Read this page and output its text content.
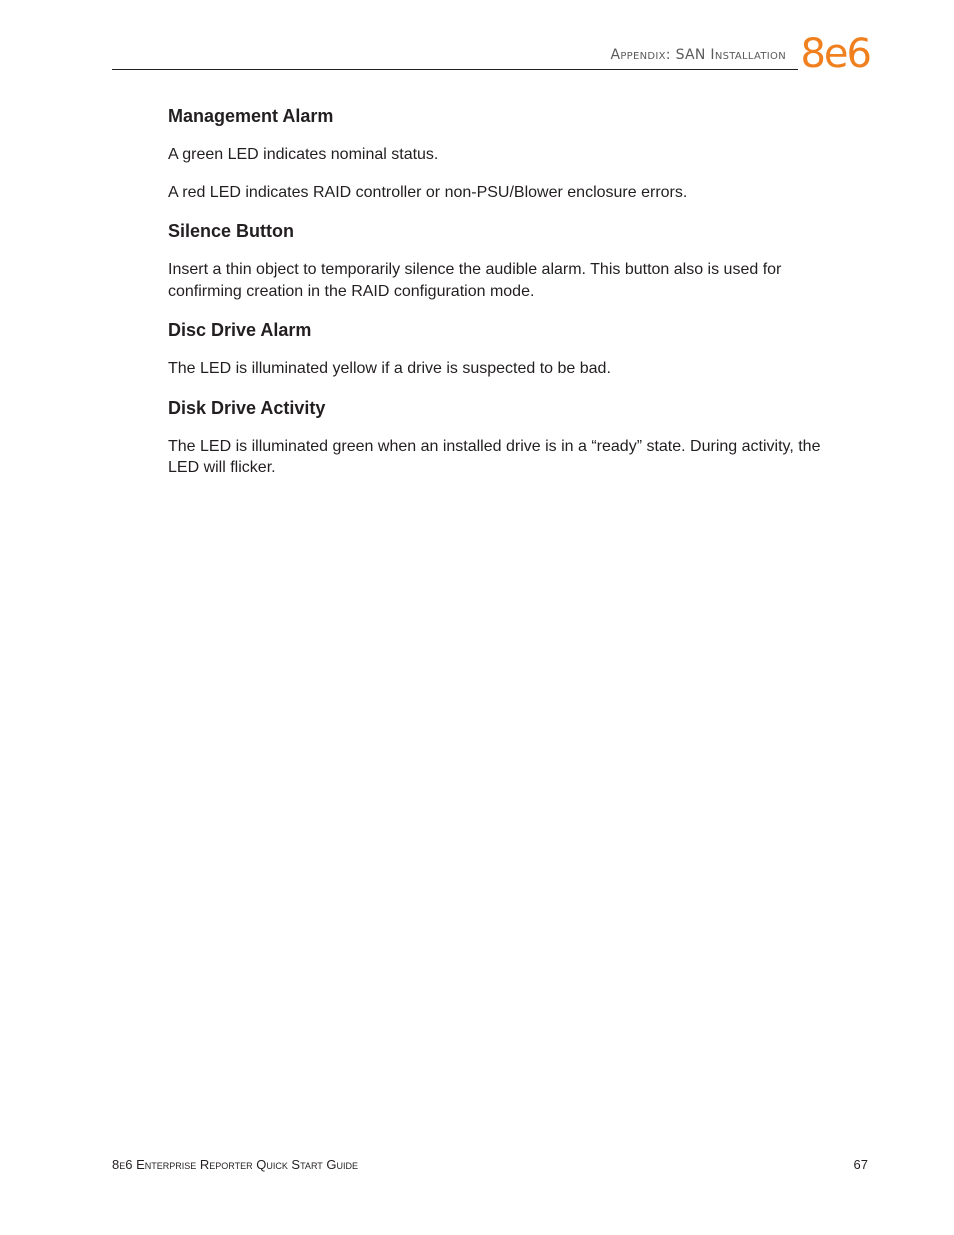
Appendix: SAN Installation 8e6
Management Alarm

A green LED indicates nominal status.

A red LED indicates RAID controller or non-PSU/Blower enclosure errors.

Silence Button

Insert a thin object to temporarily silence the audible alarm. This button also is used for confirming creation in the RAID configuration mode.

Disc Drive Alarm

The LED is illuminated yellow if a drive is suspected to be bad.

Disk Drive Activity

The LED is illuminated green when an installed drive is in a “ready” state. During activity, the LED will flicker.

8e6 Enterprise Reporter Quick Start Guide	67
